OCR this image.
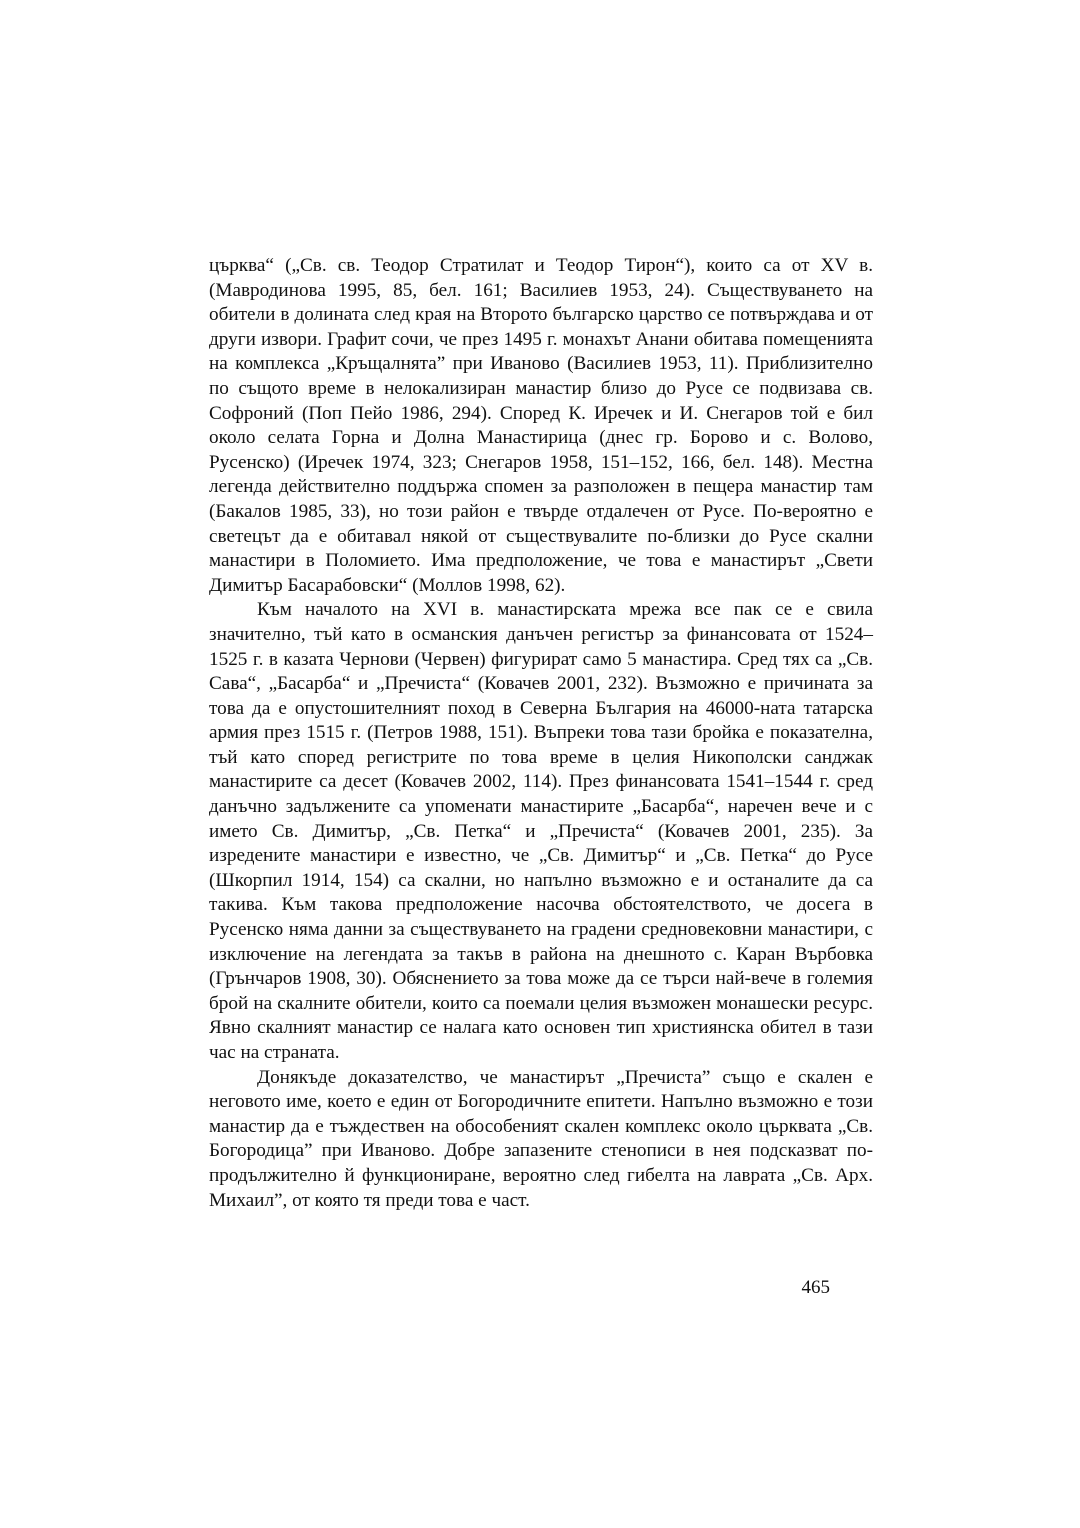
църква“ („Св. св. Теодор Стратилат и Теодор Тирон“), които са от XV в. (Мавродинова 1995, 85, бел. 161; Василиев 1953, 24). Съществуването на обители в долината след края на Второто българско царство се потвърждава и от други извори. Графит сочи, че през 1495 г. монахът Анани обитава помещенията на комплекса „Кръщалнята” при Иваново (Василиев 1953, 11). Приблизително по същото време в нелокализиран манастир близо до Русе се подвизава св. Софроний (Поп Пейо 1986, 294). Според К. Иречек и И. Снегаров той е бил около селата Горна и Долна Манастирица (днес гр. Борово и с. Волово, Русенско) (Иречек 1974, 323; Снегаров 1958, 151–152, 166, бел. 148). Местна легенда действително поддържа спомен за разположен в пещера манастир там (Бакалов 1985, 33), но този район е твърде отдалечен от Русе. По-вероятно е светецът да е обитавал някой от съществувалите по-близки до Русе скални манастири в Поломието. Има предположение, че това е манастирът „Свети Димитър Басарабовски“ (Моллов 1998, 62).

Към началото на XVI в. манастирската мрежа все пак се е свила значително, тъй като в османския данъчен регистър за финансовата от 1524–1525 г. в казата Чернови (Червен) фигурират само 5 манастира. Сред тях са „Св. Сава“, „Басарба“ и „Пречиста“ (Ковачев 2001, 232). Възможно е причината за това да е опустошителният поход в Северна България на 46000-ната татарска армия през 1515 г. (Петров 1988, 151). Въпреки това тази бройка е показателна, тъй като според регистрите по това време в целия Никополски санджак манастирите са десет (Ковачев 2002, 114). През финансовата 1541–1544 г. сред данъчно задължените са упоменати манастирите „Басарба“, наречен вече и с името Св. Димитър, „Св. Петка“ и „Пречиста“ (Ковачев 2001, 235). За изредените манастири е известно, че „Св. Димитър“ и „Св. Петка“ до Русе (Шкорпил 1914, 154) са скални, но напълно възможно е и останалите да са такива. Към такова предположение насочва обстоятелството, че досега в Русенско няма данни за съществуването на градени средновековни манастири, с изключение на легендата за такъв в района на днешното с. Каран Върбовка (Грънчаров 1908, 30). Обяснението за това може да се търси най-вече в големия брой на скалните обители, които са поемали целия възможен монашески ресурс. Явно скалният манастир се налага като основен тип християнска обител в тази час на страната.

Донякъде доказателство, че манастирът „Пречиста” също е скален е неговото име, което е един от Богородичните епитети. Напълно възможно е този манастир да е тъждествен на обособеният скален комплекс около църквата „Св. Богородица” при Иваново. Добре запазените стенописи в нея подсказват по-продължително й функциониране, вероятно след гибелта на лаврата „Св. Арх. Михаил”, от която тя преди това е част.

465
